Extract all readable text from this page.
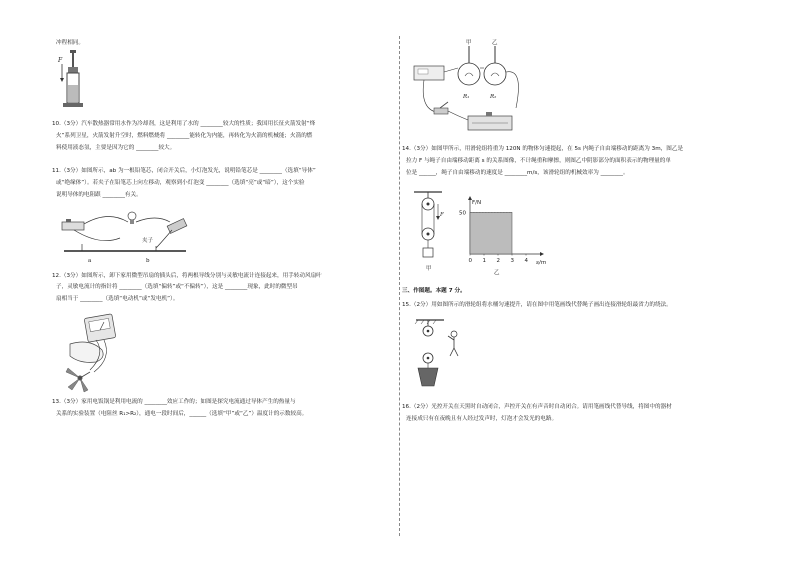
冲程相同。
F
10.（3分）汽车散热器常用水作为冷却剂，这是利用了水的 ________较大的性质；我国用长征火箭发射“烽
火”系列卫星，火箭发射升空时，燃料燃烧将 ________能转化为内能，再转化为火箭的机械能；火箭的燃
料使用液态氢，主要是因为它的 ________较大。
11.（3分）如图所示，ab 为一根铅笔芯，闭合开关后，小灯泡发光，说明铅笔芯是 ________（选填“导体”
或“绝缘体”）。若夹子在铅笔芯上向左移动，观察到小灯泡变 ________（选填“亮”或“暗”），这个实验
说明导体的电阻跟 ________有关。
夹子
a	b
12.（3分）如图所示，卸下家用微型吊扇的插头后，将两根导线分别与灵敏电流计连接起来，用手转动风扇叶
子，灵敏电流计的指针将 ________（选填“偏转”或“不偏转”），这是 ________现象，此时的微型吊
扇相当于 ________（选填“电动机”或“发电机”）。
13.（3分）家用电饭锅是利用电流的 ________效应工作的；如图是探究电流通过导体产生的热量与
关系的实验装置（电阻丝 R₁>R₂），通电一段时间后，______（选填“甲”或“乙”）温度计的示数较高。
甲	乙
R₁	R₂
14.（3分）如图甲所示，用滑轮组将重为 120N 的物体匀速提起，在 5s 内绳子自由端移动的距离为 3m，图乙是
拉力 F 与绳子自由端移动距离 s 的关系图像，不计绳重和摩擦，则图乙中阴影部分的面积表示的物理量的单
位是 ______，绳子自由端移动的速度是 ________m/s，该滑轮组的机械效率为 ________。
F
甲
F/N
50
0 1 2 3 4 s/m
乙
三、作图题。本题 7 分。
15.（2分）用如图所示的滑轮组将水桶匀速提升，请在图中用笔画线代替绳子画出连接滑轮组最省力的绕法。
16.（2分）光控开关在天黑时自动闭合，声控开关在有声音时自动闭合。请用笔画线代替导线，将图中的器材
连接成只有在夜晚且有人经过发声时，灯泡才会发光的电路。
